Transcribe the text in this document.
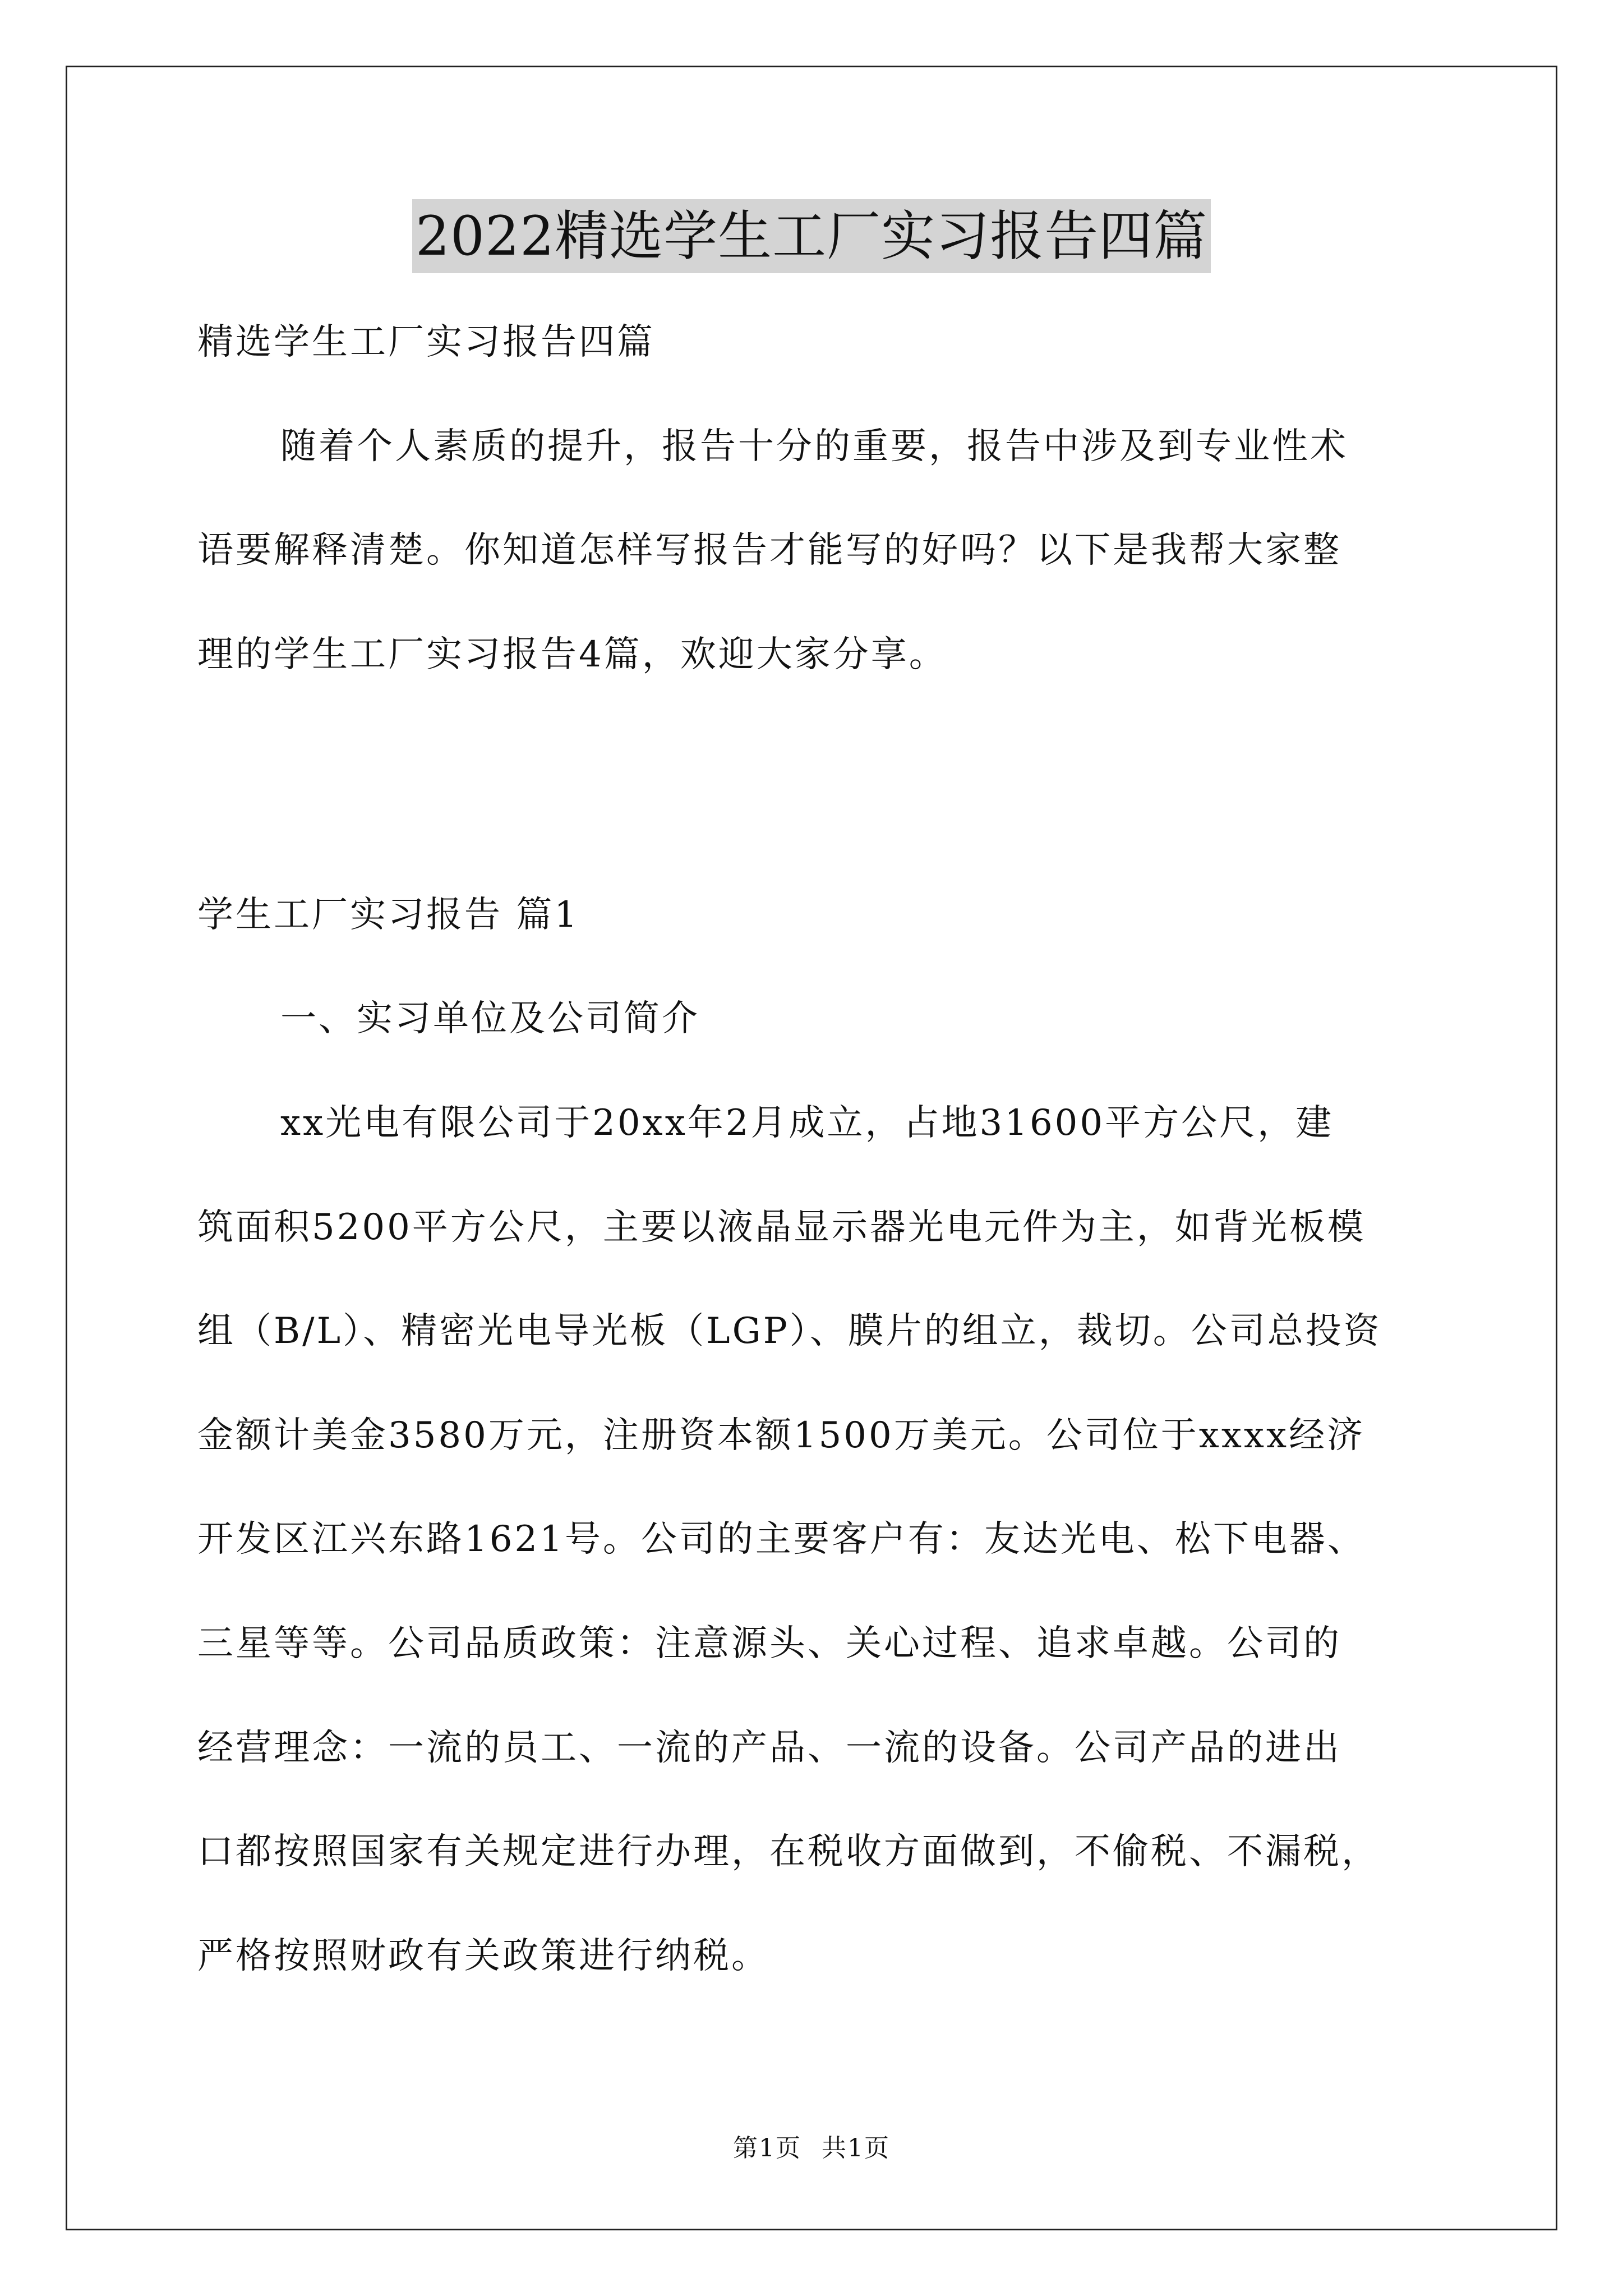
2022精选学生工厂实习报告四篇
精选学生工厂实习报告四篇
随着个人素质的提升，报告十分的重要，报告中涉及到专业性术
语要解释清楚。你知道怎样写报告才能写的好吗？以下是我帮大家整
理的学生工厂实习报告4篇，欢迎大家分享。
学生工厂实习报告 篇1
一、实习单位及公司简介
xx光电有限公司于20xx年2月成立，占地31600平方公尺，建
筑面积5200平方公尺，主要以液晶显示器光电元件为主，如背光板模
组（B/L）、精密光电导光板（LGP）、膜片的组立，裁切。公司总投资
金额计美金3580万元，注册资本额1500万美元。公司位于xxxx经济
开发区江兴东路1621号。公司的主要客户有：友达光电、松下电器、
三星等等。公司品质政策：注意源头、关心过程、追求卓越。公司的
经营理念：一流的员工、一流的产品、一流的设备。公司产品的进出
口都按照国家有关规定进行办理，在税收方面做到，不偷税、不漏税，
严格按照财政有关政策进行纳税。
第1页 共1页
